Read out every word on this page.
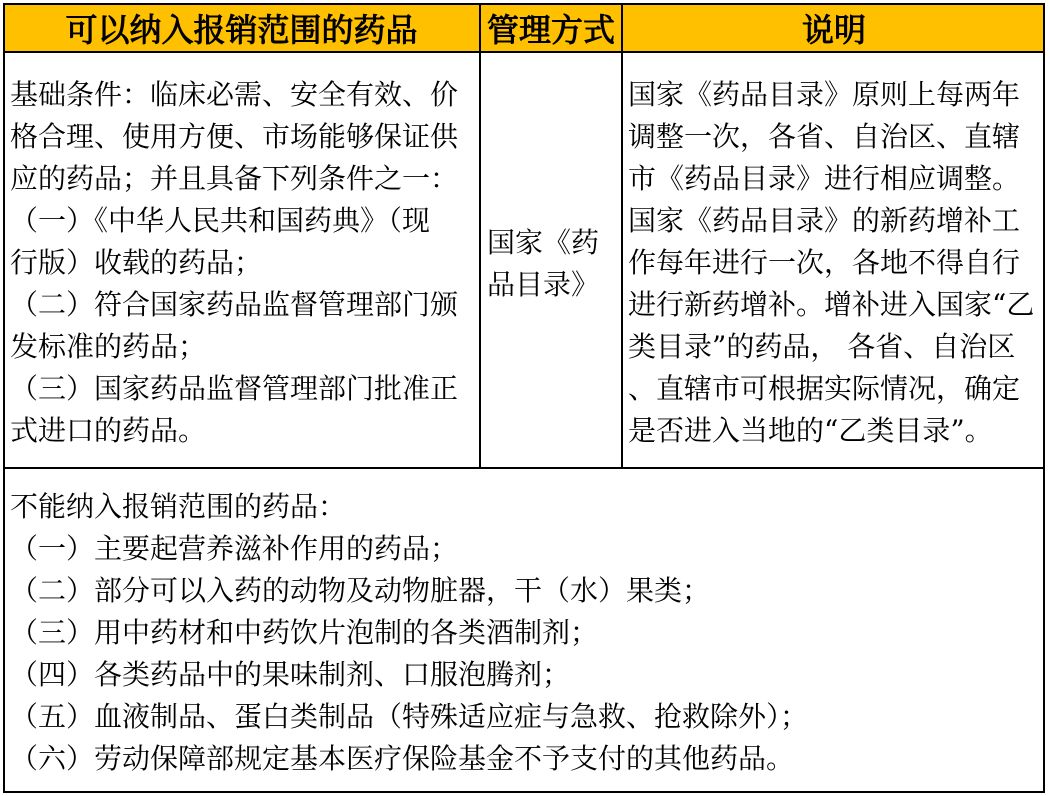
可以纳入报销范围的药品	管理方式	说明
基础条件：临床必需、安全有效、价
格合理、使用方便、市场能够保证供
应的药品；并且具备下列条件之一：
（一）《中华人民共和国药典》（现
行版）收载的药品；
（二）符合国家药品监督管理部门颁
发标准的药品；
（三）国家药品监督管理部门批准正
式进口的药品。
国家《药
品目录》
国家《药品目录》原则上每两年
调整一次，各省、自治区、直辖
市《药品目录》进行相应调整。
国家《药品目录》的新药增补工
作每年进行一次，各地不得自行
进行新药增补。增补进入国家“乙
类目录”的药品， 各省、自治区
、直辖市可根据实际情况，确定
是否进入当地的“乙类目录”。
不能纳入报销范围的药品：
（一）主要起营养滋补作用的药品；
（二）部分可以入药的动物及动物脏器，干（水）果类；
（三）用中药材和中药饮片泡制的各类酒制剂；
（四）各类药品中的果味制剂、口服泡腾剂；
（五）血液制品、蛋白类制品（特殊适应症与急救、抢救除外）；
（六）劳动保障部规定基本医疗保险基金不予支付的其他药品。
